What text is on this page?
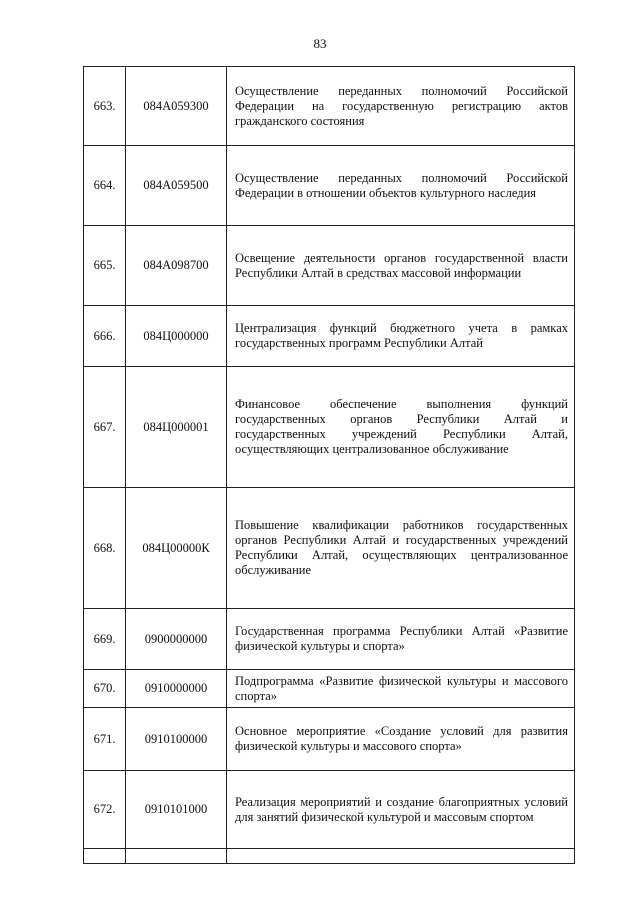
83
663.	084A059300	Осуществление переданных полномочий Российской Федерации на государственную регистрацию актов гражданского состояния
664.	084A059500	Осуществление переданных полномочий Российской Федерации в отношении объектов культурного наследия
665.	084A098700	Освещение деятельности органов государственной власти Республики Алтай в средствах массовой информации
666.	084Ц000000	Централизация функций бюджетного учета в рамках государственных программ Республики Алтай
667.	084Ц000001	Финансовое обеспечение выполнения функций государственных органов Республики Алтай и государственных учреждений Республики Алтай, осуществляющих централизованное обслуживание
668.	084Ц00000К	Повышение квалификации работников государственных органов Республики Алтай и государственных учреждений Республики Алтай, осуществляющих централизованное обслуживание
669.	0900000000	Государственная программа Республики Алтай «Развитие физической культуры и спорта»
670.	0910000000	Подпрограмма «Развитие физической культуры и массового спорта»
671.	0910100000	Основное мероприятие «Создание условий для развития физической культуры и массового спорта»
672.	0910101000	Реализация мероприятий и создание благоприятных условий для занятий физической культурой и массовым спортом
